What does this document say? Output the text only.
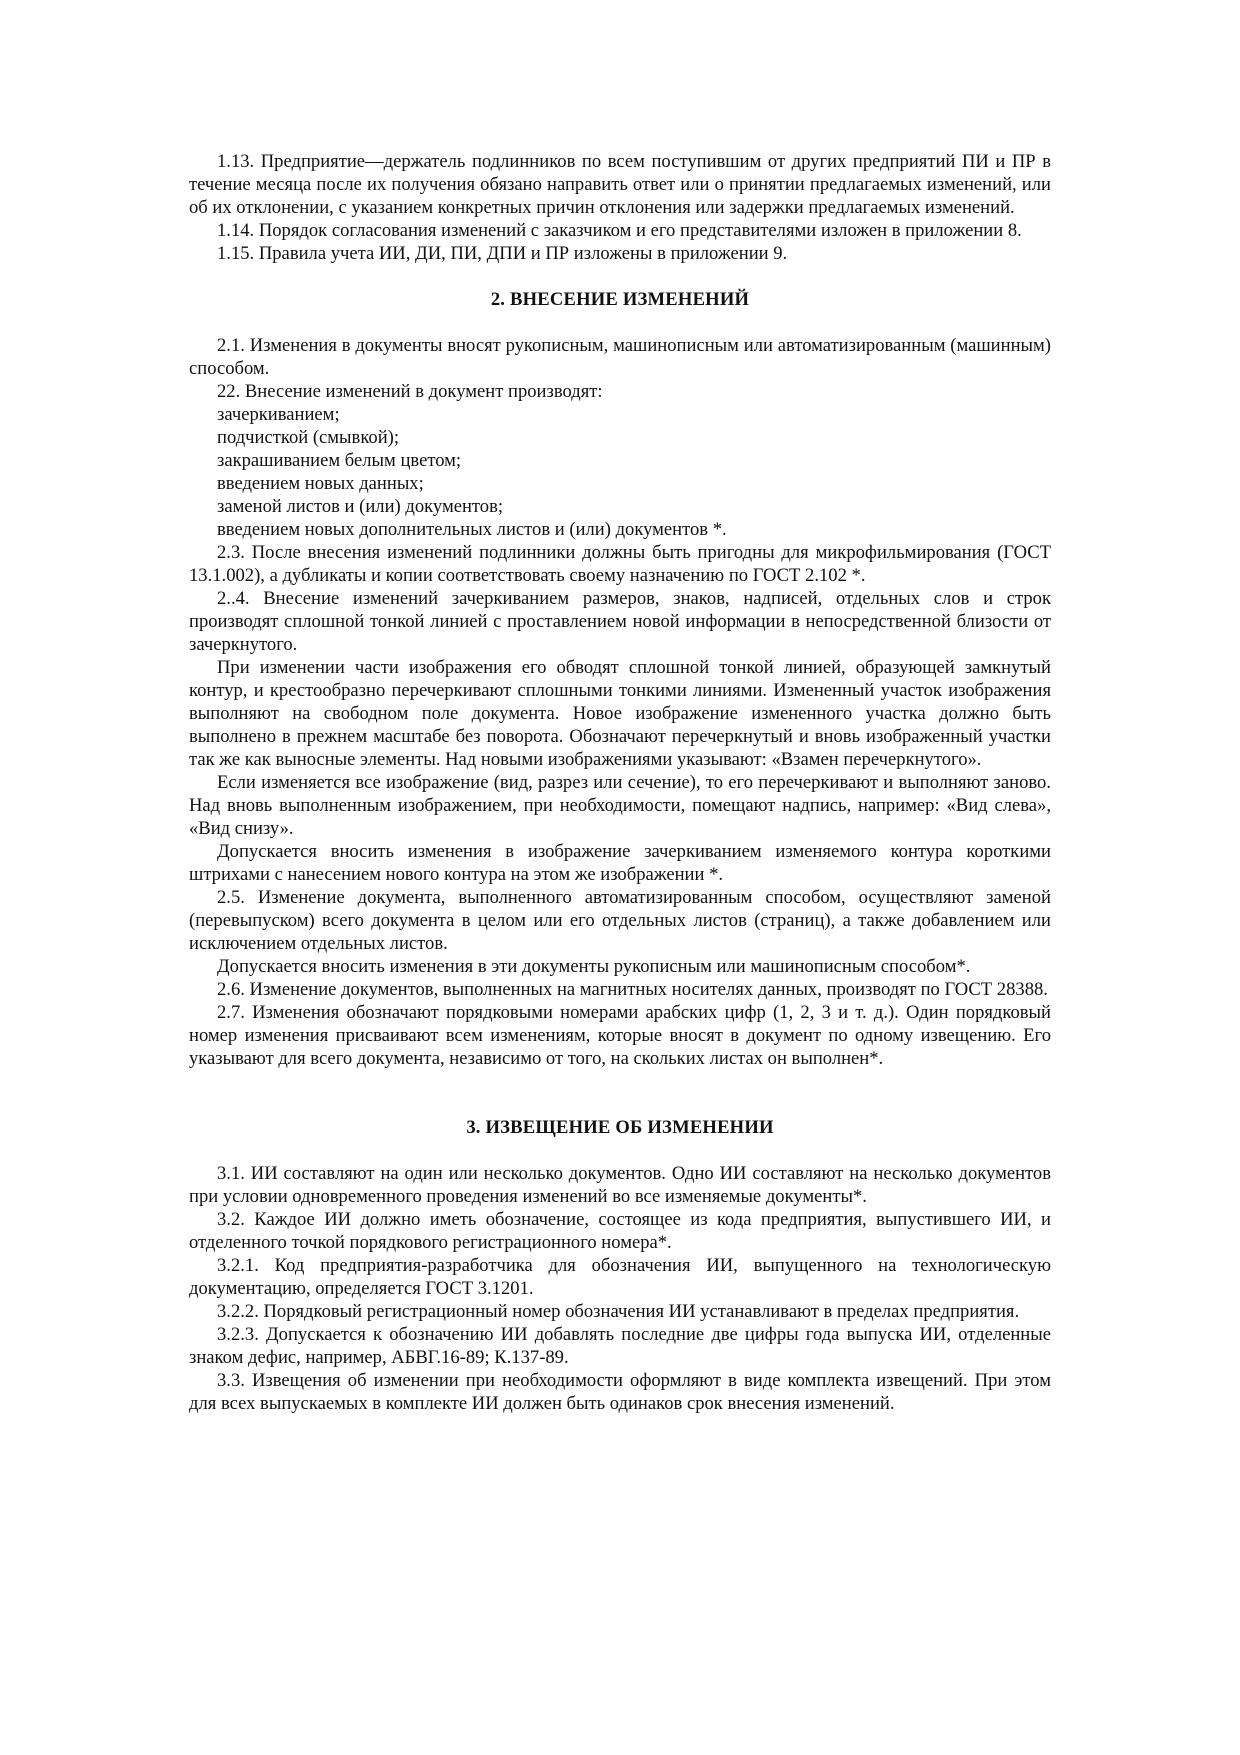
1.13. Предприятие—держатель подлинников по всем поступившим от других предприятий ПИ и ПР в течение месяца после их получения обязано направить ответ или о принятии предлагаемых изменений, или об их отклонении, с указанием конкретных причин отклонения или задержки предлагаемых изменений.

1.14. Порядок согласования изменений с заказчиком и его представителями изложен в приложении 8.

1.15. Правила учета ИИ, ДИ, ПИ, ДПИ и ПР изложены в приложении 9.

2. ВНЕСЕНИЕ ИЗМЕНЕНИЙ

2.1. Изменения в документы вносят рукописным, машинописным или автоматизированным (машинным) способом.

22. Внесение изменений в документ производят:

зачеркиванием;

подчисткой (смывкой);

закрашиванием белым цветом;

введением новых данных;

заменой листов и (или) документов;

введением новых дополнительных листов и (или) документов *.

2.3. После внесения изменений подлинники должны быть пригодны для микрофильмирования (ГОСТ 13.1.002), а дубликаты и копии соответствовать своему назначению по ГОСТ 2.102 *.

2..4. Внесение изменений зачеркиванием размеров, знаков, надписей, отдельных слов и строк производят сплошной тонкой линией с проставлением новой информации в непосредственной близости от зачеркнутого.

При изменении части изображения его обводят сплошной тонкой линией, образующей замкнутый контур, и крестообразно перечеркивают сплошными тонкими линиями. Измененный участок изображения выполняют на свободном поле документа. Новое изображение измененного участка должно быть выполнено в прежнем масштабе без поворота. Обозначают перечеркнутый и вновь изображенный участки так же как выносные элементы. Над новыми изображениями указывают: «Взамен перечеркнутого».

Если изменяется все изображение (вид, разрез или сечение), то его перечеркивают и выполняют заново. Над вновь выполненным изображением, при необходимости, помещают надпись, например: «Вид слева», «Вид снизу».

Допускается вносить изменения в изображение зачеркиванием изменяемого контура короткими штрихами с нанесением нового контура на этом же изображении *.

2.5. Изменение документа, выполненного автоматизированным способом, осуществляют заменой (перевыпуском) всего документа в целом или его отдельных листов (страниц), а также добавлением или исключением отдельных листов.

Допускается вносить изменения в эти документы рукописным или машинописным способом*.

2.6. Изменение документов, выполненных на магнитных носителях данных, производят по ГОСТ 28388.

2.7. Изменения обозначают порядковыми номерами арабских цифр (1, 2, 3 и т. д.). Один порядковый номер изменения присваивают всем изменениям, которые вносят в документ по одному извещению. Его указывают для всего документа, независимо от того, на скольких листах он выполнен*.

3. ИЗВЕЩЕНИЕ ОБ ИЗМЕНЕНИИ

3.1. ИИ составляют на один или несколько документов. Одно ИИ составляют на несколько документов при условии одновременного проведения изменений во все изменяемые документы*.

3.2. Каждое ИИ должно иметь обозначение, состоящее из кода предприятия, выпустившего ИИ, и отделенного точкой порядкового регистрационного номера*.

3.2.1. Код предприятия-разработчика для обозначения ИИ, выпущенного на технологическую документацию, определяется ГОСТ 3.1201.

3.2.2. Порядковый регистрационный номер обозначения ИИ устанавливают в пределах предприятия.

3.2.3. Допускается к обозначению ИИ добавлять последние две цифры года выпуска ИИ, отделенные знаком дефис, например, АБВГ.16-89; К.137-89.

3.3. Извещения об изменении при необходимости оформляют в виде комплекта извещений. При этом для всех выпускаемых в комплекте ИИ должен быть одинаков срок внесения изменений.
